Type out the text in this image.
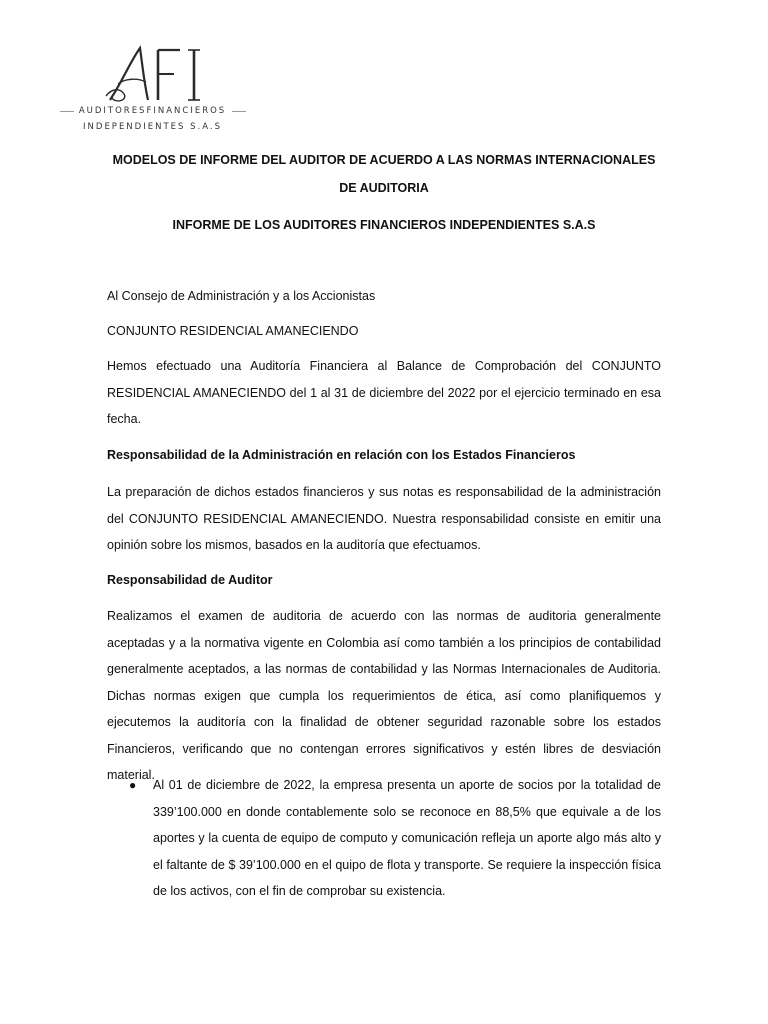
AUDITORESFINANCIEROS
INDEPENDIENTES S.A.S

MODELOS DE INFORME DEL AUDITOR DE ACUERDO A LAS NORMAS INTERNACIONALES DE AUDITORIA

INFORME DE LOS AUDITORES FINANCIEROS INDEPENDIENTES S.A.S

Al Consejo de Administración y a los Accionistas

CONJUNTO RESIDENCIAL AMANECIENDO

Hemos efectuado una Auditoría Financiera al Balance de Comprobación del CONJUNTO RESIDENCIAL AMANECIENDO del 1 al 31 de diciembre del 2022 por el ejercicio terminado en esa fecha.

Responsabilidad de la Administración en relación con los Estados Financieros

La preparación de dichos estados financieros y sus notas es responsabilidad de la administración del CONJUNTO RESIDENCIAL AMANECIENDO. Nuestra responsabilidad consiste en emitir una opinión sobre los mismos, basados en la auditoría que efectuamos.

Responsabilidad de Auditor

Realizamos el examen de auditoria de acuerdo con las normas de auditoria generalmente aceptadas y a la normativa vigente en Colombia así como también a los principios de contabilidad generalmente aceptados, a las normas de contabilidad y las Normas Internacionales de Auditoria. Dichas normas exigen que cumpla los requerimientos de ética, así como planifiquemos y ejecutemos la auditoría con la finalidad de obtener seguridad razonable sobre los estados Financieros, verificando que no contengan errores significativos y estén libres de desviación material.

● Al 01 de diciembre de 2022, la empresa presenta un aporte de socios por la totalidad de 339’100.000 en donde contablemente solo se reconoce en 88,5% que equivale a de los aportes y la cuenta de equipo de computo y comunicación refleja un aporte algo más alto y el faltante de $ 39’100.000 en el quipo de flota y transporte. Se requiere la inspección física de los activos, con el fin de comprobar su existencia.
